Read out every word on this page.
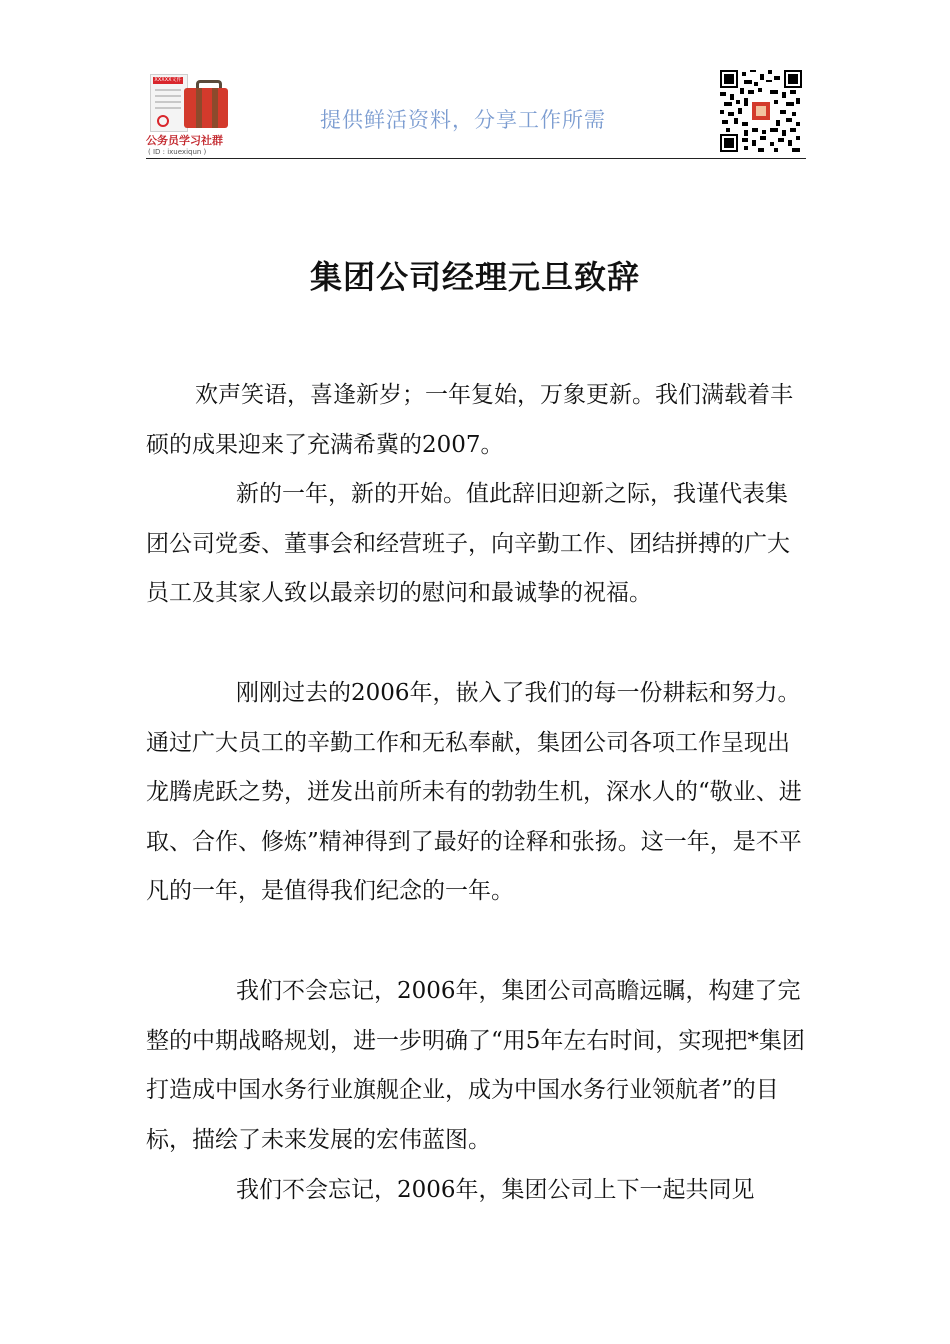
XXXXX文件
公务员学习社群
( ID : ixuexiqun )
提供鲜活资料，分享工作所需
集团公司经理元旦致辞

欢声笑语，喜逢新岁；一年复始，万象更新。我们满载着丰硕的成果迎来了充满希冀的2007。

新的一年，新的开始。值此辞旧迎新之际，我谨代表集团公司党委、董事会和经营班子，向辛勤工作、团结拼搏的广大员工及其家人致以最亲切的慰问和最诚挚的祝福。

刚刚过去的2006年，嵌入了我们的每一份耕耘和努力。通过广大员工的辛勤工作和无私奉献，集团公司各项工作呈现出龙腾虎跃之势，迸发出前所未有的勃勃生机，深水人的“敬业、进取、合作、修炼”精神得到了最好的诠释和张扬。这一年，是不平凡的一年，是值得我们纪念的一年。

我们不会忘记，2006年，集团公司高瞻远瞩，构建了完整的中期战略规划，进一步明确了“用5年左右时间，实现把*集团打造成中国水务行业旗舰企业，成为中国水务行业领航者”的目标，描绘了未来发展的宏伟蓝图。

我们不会忘记，2006年，集团公司上下一起共同见
